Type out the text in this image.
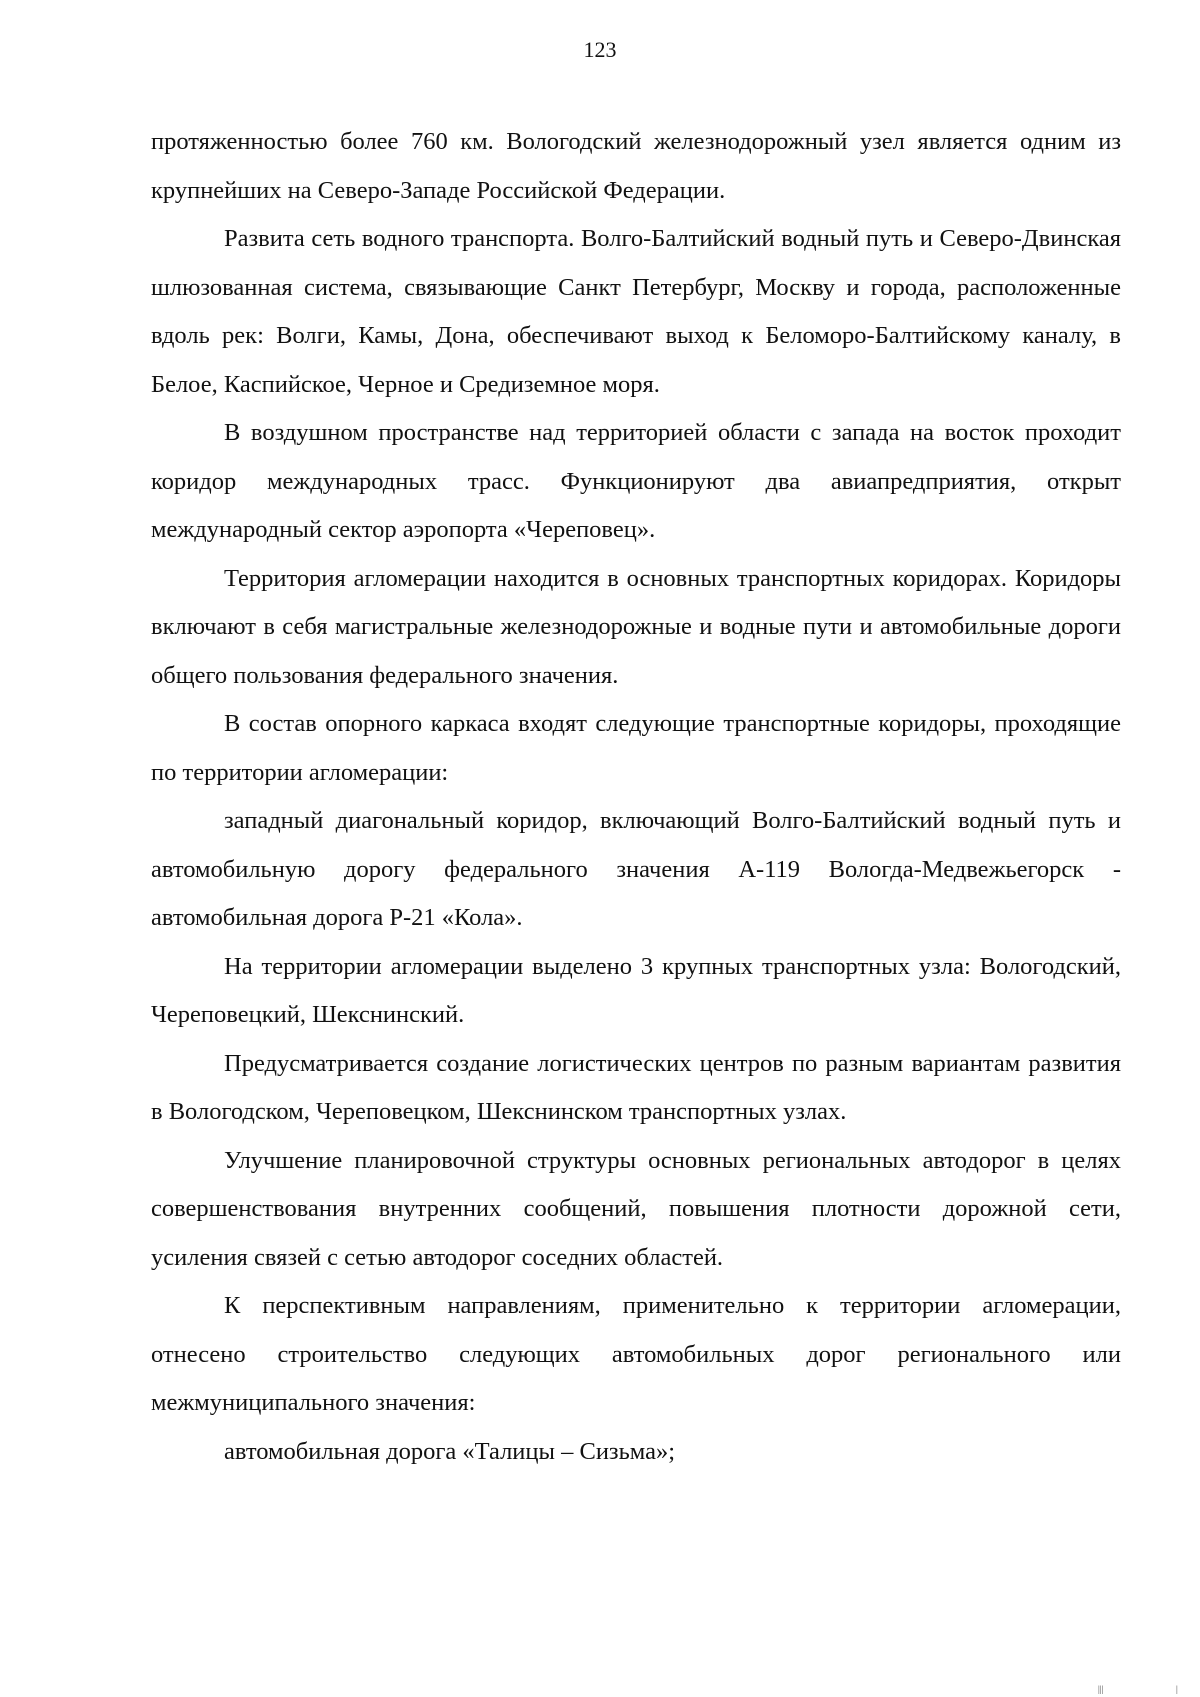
123

протяженностью более 760 км. Вологодский железнодорожный узел является одним из крупнейших на Северо-Западе Российской Федерации.

Развита сеть водного транспорта. Волго-Балтийский водный путь и Северо-Двинская шлюзованная система, связывающие Санкт Петербург, Москву и города, расположенные вдоль рек: Волги, Камы, Дона, обеспечивают выход к Беломоро-Балтийскому каналу, в Белое, Каспийское, Черное и Средиземное моря.

В воздушном пространстве над территорией области с запада на восток проходит коридор международных трасс. Функционируют два авиапредприятия, открыт международный сектор аэропорта «Череповец».

Территория агломерации находится в основных транспортных коридорах. Коридоры включают в себя магистральные железнодорожные и водные пути и автомобильные дороги общего пользования федерального значения.

В состав опорного каркаса входят следующие транспортные коридоры, проходящие по территории агломерации:

западный диагональный коридор, включающий Волго-Балтийский водный путь и автомобильную дорогу федерального значения А-119 Вологда-Медвежьегорск - автомобильная дорога Р-21 «Кола».

На территории агломерации выделено 3 крупных транспортных узла: Вологодский, Череповецкий, Шекснинский.

Предусматривается создание логистических центров по разным вариантам развития в Вологодском, Череповецком, Шекснинском транспортных узлах.

Улучшение планировочной структуры основных региональных автодорог в целях совершенствования внутренних сообщений, повышения плотности дорожной сети, усиления связей с сетью автодорог соседних областей.

К перспективным направлениям, применительно к территории агломерации, отнесено строительство следующих автомобильных дорог регионального или межмуниципального значения:

автомобильная дорога «Талицы – Сизьма»;

|||	|
